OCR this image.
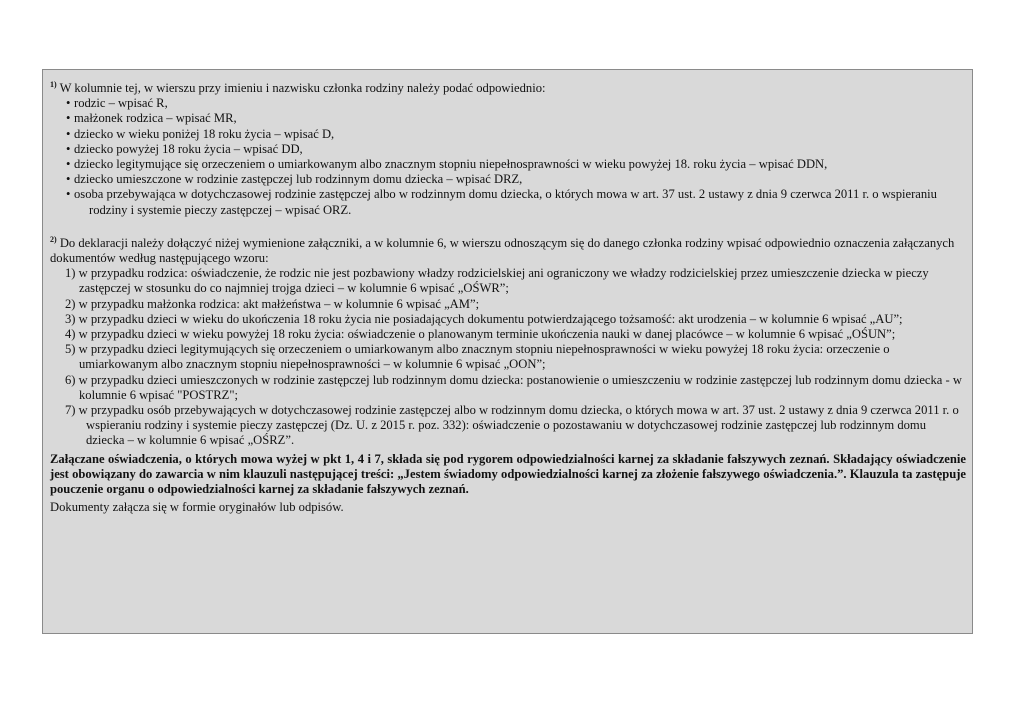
$^{1)}$ W kolumnie tej, w wierszu przy imieniu i nazwisku członka rodziny należy podać odpowiednio:
• rodzic – wpisać R,
• małżonek rodzica – wpisać MR,
• dziecko w wieku poniżej 18 roku życia – wpisać D,
• dziecko powyżej 18 roku życia – wpisać DD,
• dziecko legitymujące się orzeczeniem o umiarkowanym albo znacznym stopniu niepełnosprawności w wieku powyżej 18. roku życia – wpisać DDN,
• dziecko umieszczone w rodzinie zastępczej lub rodzinnym domu dziecka – wpisać DRZ,
• osoba przebywająca w dotychczasowej rodzinie zastępczej albo w rodzinnym domu dziecka, o których mowa w art. 37 ust. 2 ustawy z dnia 9 czerwca 2011 r. o wspieraniu rodziny i systemie pieczy zastępczej – wpisać ORZ.
$^{2)}$ Do deklaracji należy dołączyć niżej wymienione załączniki, a w kolumnie 6, w wierszu odnoszącym się do danego członka rodziny wpisać odpowiednio oznaczenia załączanych dokumentów według następującego wzoru:
1) w przypadku rodzica: oświadczenie, że rodzic nie jest pozbawiony władzy rodzicielskiej ani ograniczony we władzy rodzicielskiej przez umieszczenie dziecka w pieczy zastępczej w stosunku do co najmniej trojga dzieci – w kolumnie 6 wpisać „OŚWR”;
2) w przypadku małżonka rodzica: akt małżeństwa – w kolumnie 6 wpisać „AM”;
3) w przypadku dzieci w wieku do ukończenia 18 roku życia nie posiadających dokumentu potwierdzającego tożsamość: akt urodzenia – w kolumnie 6 wpisać „AU”;
4) w przypadku dzieci w wieku powyżej 18 roku życia: oświadczenie o planowanym terminie ukończenia nauki w danej placówce – w kolumnie 6 wpisać „OŚUN”;
5) w przypadku dzieci legitymujących się orzeczeniem o umiarkowanym albo znacznym stopniu niepełnosprawności w wieku powyżej 18 roku życia: orzeczenie o umiarkowanym albo znacznym stopniu niepełnosprawności – w kolumnie 6 wpisać „OON”;
6) w przypadku dzieci umieszczonych w rodzinie zastępczej lub rodzinnym domu dziecka: postanowienie o umieszczeniu w rodzinie zastępczej lub rodzinnym domu dziecka - w kolumnie 6 wpisać "POSTRZ";
7) w przypadku osób przebywających w dotychczasowej rodzinie zastępczej albo w rodzinnym domu dziecka, o których mowa w art. 37 ust. 2 ustawy z dnia 9 czerwca 2011 r. o wspieraniu rodziny i systemie pieczy zastępczej (Dz. U. z 2015 r. poz. 332): oświadczenie o pozostawaniu w dotychczasowej rodzinie zastępczej lub rodzinnym domu dziecka – w kolumnie 6 wpisać „OŚRZ”.
Załączane oświadczenia, o których mowa wyżej w pkt 1, 4 i 7, składa się pod rygorem odpowiedzialności karnej za składanie fałszywych zeznań. Składający oświadczenie jest obowiązany do zawarcia w nim klauzuli następującej treści: „Jestem świadomy odpowiedzialności karnej za złożenie fałszywego oświadczenia.”. Klauzula ta zastępuje pouczenie organu o odpowiedzialności karnej za składanie fałszywych zeznań.
Dokumenty załącza się w formie oryginałów lub odpisów.
